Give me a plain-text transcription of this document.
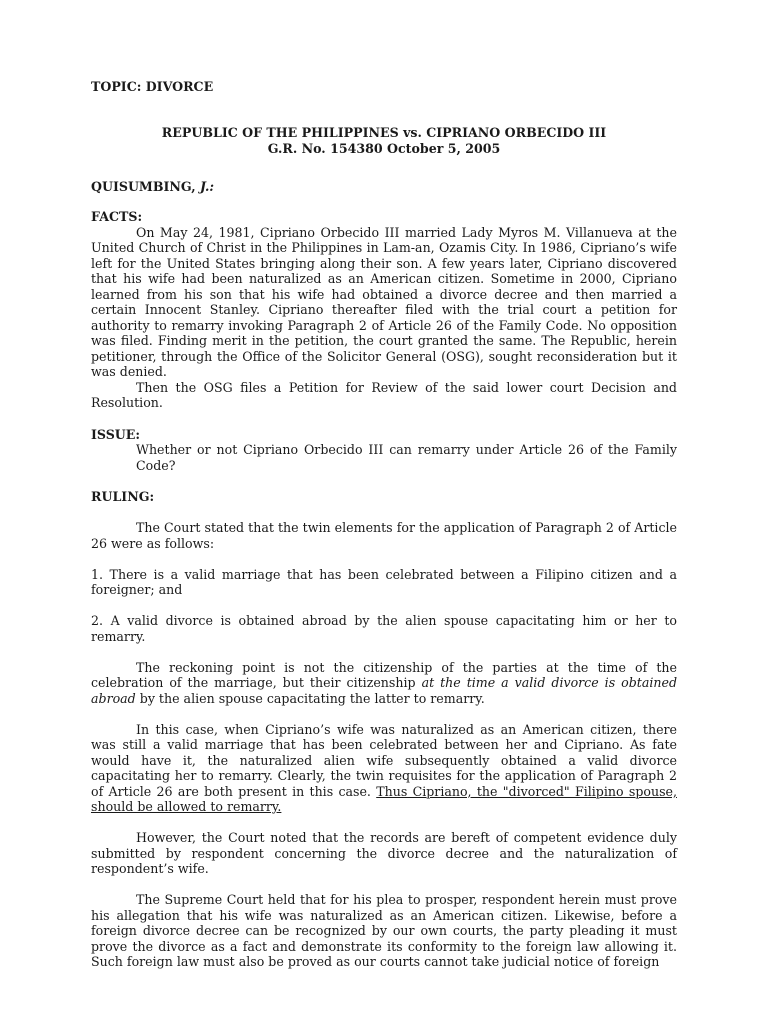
TOPIC: DIVORCE

REPUBLIC OF THE PHILIPPINES vs. CIPRIANO ORBECIDO III
G.R. No. 154380 October 5, 2005

QUISUMBING, J.:

FACTS:

On May 24, 1981, Cipriano Orbecido III married Lady Myros M. Villanueva at the United Church of Christ in the Philippines in Lam-an, Ozamis City. In 1986, Cipriano’s wife left for the United States bringing along their son. A few years later, Cipriano discovered that his wife had been naturalized as an American citizen. Sometime in 2000, Cipriano learned from his son that his wife had obtained a divorce decree and then married a certain Innocent Stanley. Cipriano thereafter filed with the trial court a petition for authority to remarry invoking Paragraph 2 of Article 26 of the Family Code. No opposition was filed. Finding merit in the petition, the court granted the same. The Republic, herein petitioner, through the Office of the Solicitor General (OSG), sought reconsideration but it was denied.

Then the OSG files a Petition for Review of the said lower court Decision and Resolution.

ISSUE:

Whether or not Cipriano Orbecido III can remarry under Article 26 of the Family Code?

RULING:

The Court stated that the twin elements for the application of Paragraph 2 of Article 26 were as follows:

1. There is a valid marriage that has been celebrated between a Filipino citizen and a foreigner; and

2. A valid divorce is obtained abroad by the alien spouse capacitating him or her to remarry.

The reckoning point is not the citizenship of the parties at the time of the celebration of the marriage, but their citizenship at the time a valid divorce is obtained abroad by the alien spouse capacitating the latter to remarry.

In this case, when Cipriano’s wife was naturalized as an American citizen, there was still a valid marriage that has been celebrated between her and Cipriano. As fate would have it, the naturalized alien wife subsequently obtained a valid divorce capacitating her to remarry. Clearly, the twin requisites for the application of Paragraph 2 of Article 26 are both present in this case. Thus Cipriano, the "divorced" Filipino spouse, should be allowed to remarry.

However, the Court noted that the records are bereft of competent evidence duly submitted by respondent concerning the divorce decree and the naturalization of respondent’s wife.

The Supreme Court held that for his plea to prosper, respondent herein must prove his allegation that his wife was naturalized as an American citizen. Likewise, before a foreign divorce decree can be recognized by our own courts, the party pleading it must prove the divorce as a fact and demonstrate its conformity to the foreign law allowing it. Such foreign law must also be proved as our courts cannot take judicial notice of foreign
